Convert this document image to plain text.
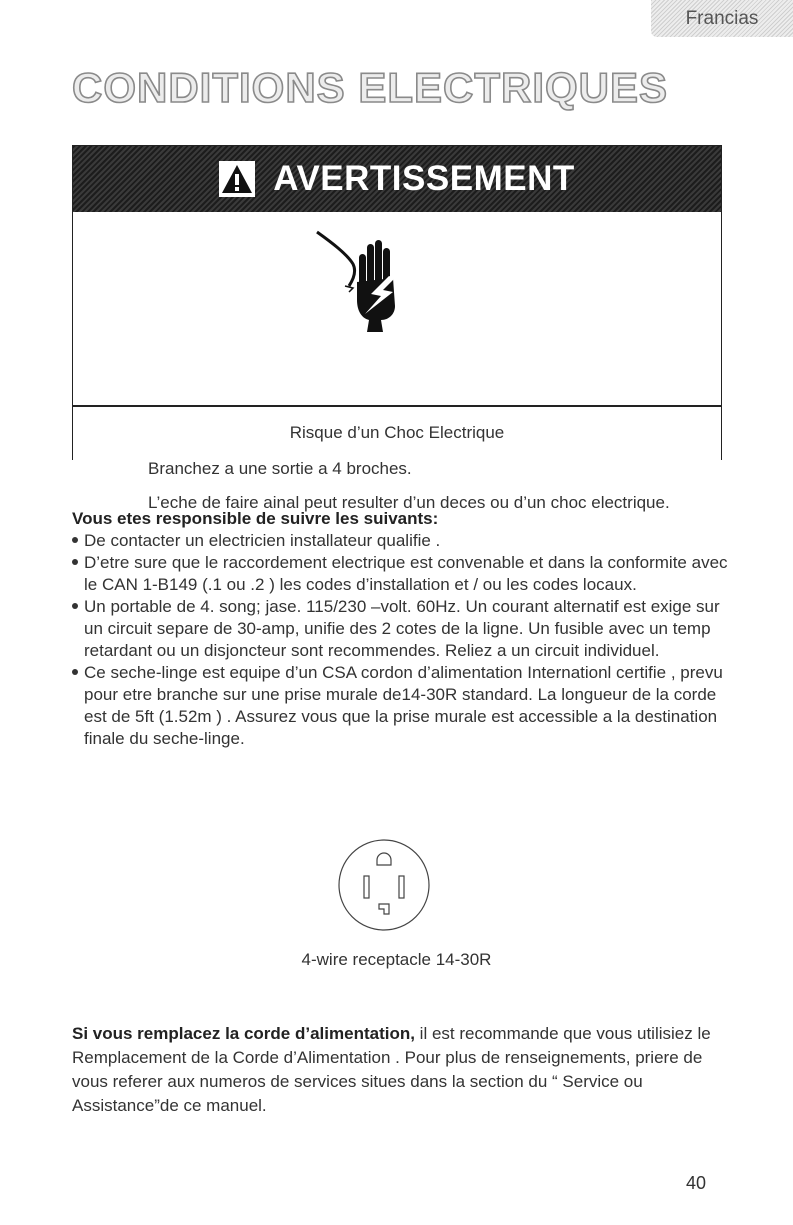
Francias
CONDITIONS ELECTRIQUES
AVERTISSEMENT
Risque d’un Choc Electrique
Branchez a une sortie a 4 broches.
L’eche de faire ainal peut resulter d’un deces ou d’un choc electrique.
Vous etes responsible de suivre les suivants:
De contacter un electricien installateur qualifie .
D’etre sure que le raccordement electrique est convenable et dans la conformite avec le CAN 1-B149 (.1 ou .2 ) les codes d’installation et / ou les codes locaux.
Un portable de 4. song; jase. 115/230 –volt. 60Hz. Un courant alternatif est exige sur un circuit separe de 30-amp, unifie des 2 cotes de la ligne. Un fusible avec un temp retardant ou un disjoncteur sont recommendes. Reliez a un circuit individuel.
Ce seche-linge est equipe d’un CSA cordon d’alimentation Internationl certifie , prevu pour etre branche sur une prise murale de14-30R standard. La longueur de la corde est de 5ft (1.52m ) . Assurez vous que la prise murale est accessible a la destination finale du seche-linge.
4-wire receptacle 14-30R
Si vous remplacez la corde d’alimentation, il est recommande que vous utilisiez le Remplacement de la Corde d’Alimentation . Pour plus de renseignements, priere de vous referer aux numeros de services situes dans la section du “ Service ou Assistance”de ce manuel.
40
